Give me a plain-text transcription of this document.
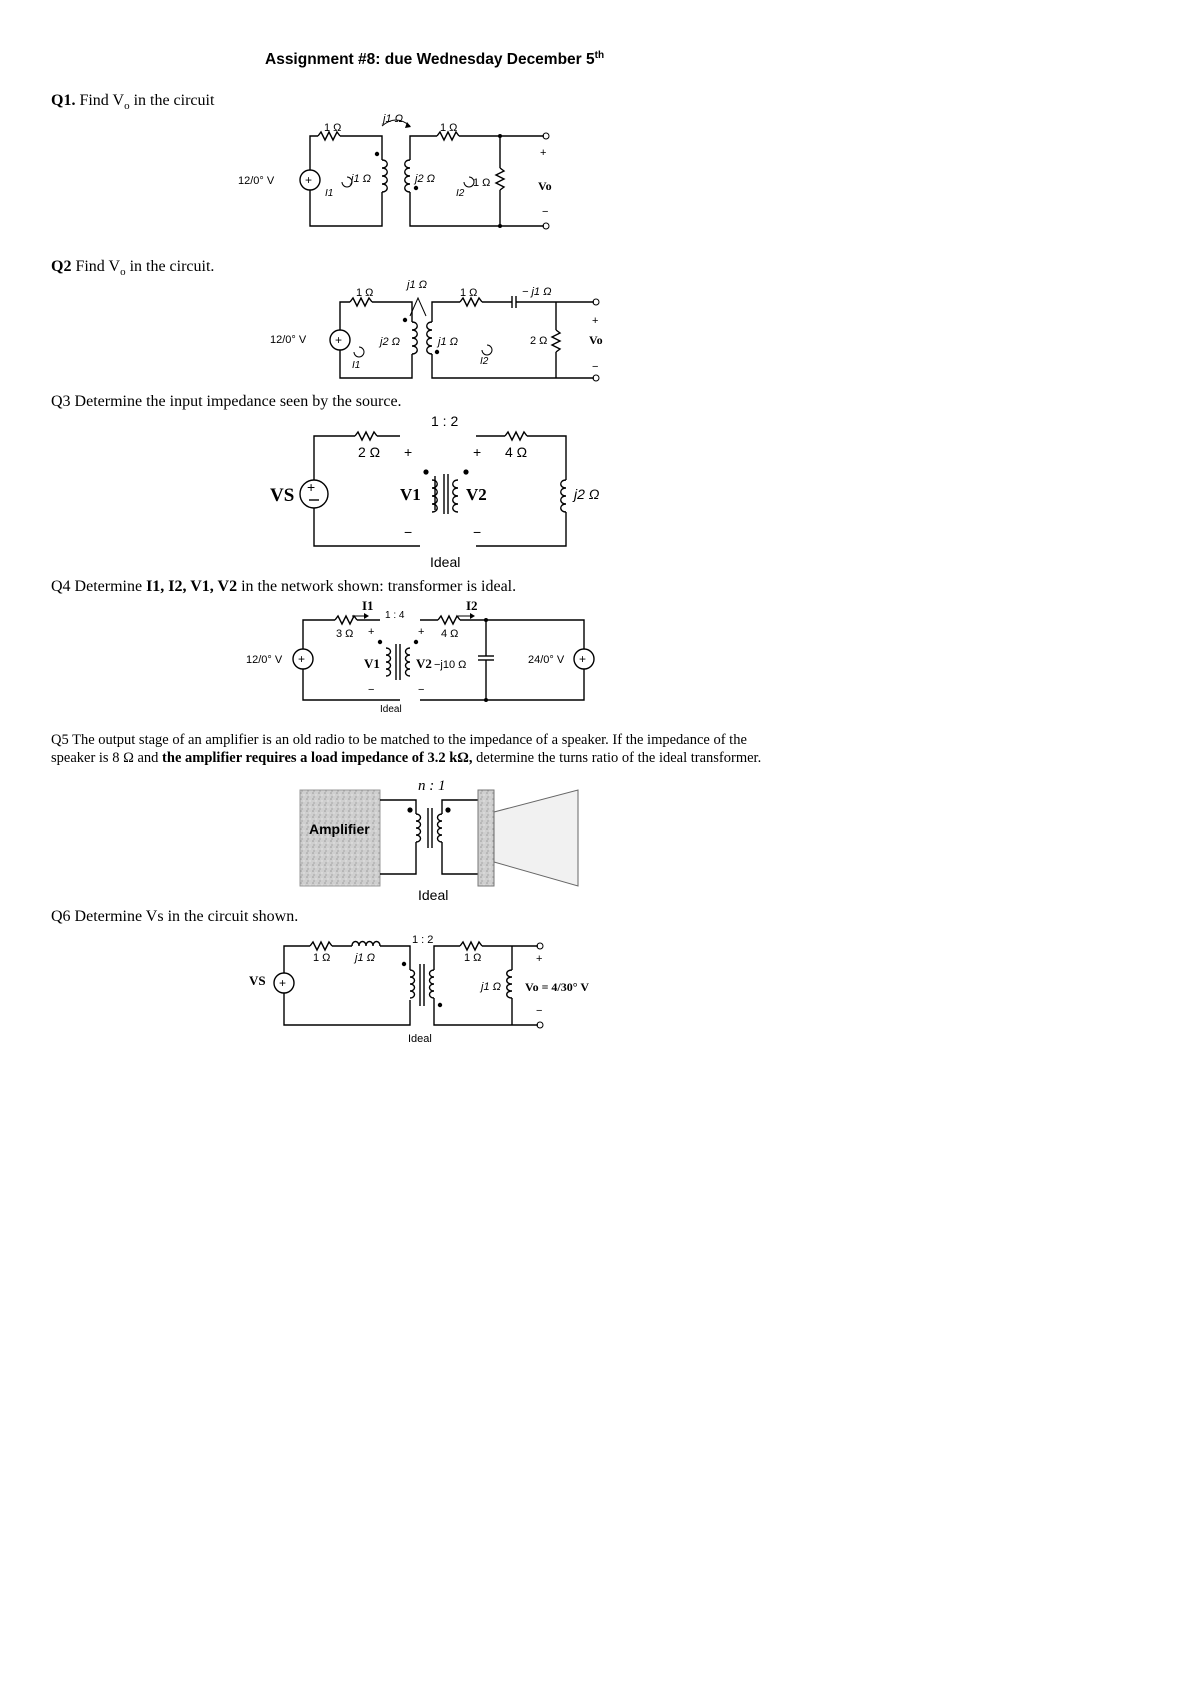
Assignment #8: due Wednesday December 5th
Q1. Find $V_o$ in the circuit
+
12/0° V
1 Ω
j1 Ω
1 Ω
j1 Ω	j2 Ω	1 Ω
I1	I2
+
Vo
−
Q2 Find $V_o$ in the circuit.
+
12/0° V
1 Ω
j1 Ω
1 Ω	− j1 Ω
j2 Ω	j1 Ω	2 Ω
I1	I2
+
Vo
−
Q3 Determine the input impedance seen by the source.
+
VS
1 : 2
2 Ω	4 Ω
j2 Ω
+	+
V1	V2
−	−
Ideal
Q4 Determine I1, I2, V1, V2 in the network shown: transformer is ideal.
+
12/0° V	+
I1	I2
1 : 4
3 Ω	4 Ω
+	+
V1	V2 −j10 Ω
−	−
24/0° V
Ideal
Q5 The output stage of an amplifier is an old radio to be matched to the impedance of a speaker. If the impedance of the
speaker is 8 Ω and the amplifier requires a load impedance of 3.2 kΩ, determine the turns ratio of the ideal transformer.
Amplifier
n : 1
Ideal
Q6 Determine Vs in the circuit shown.
+
VS
1 : 2
1 Ω j1 Ω	1 Ω
j1 Ω
+
Vo = 4/30° V
−
Ideal
